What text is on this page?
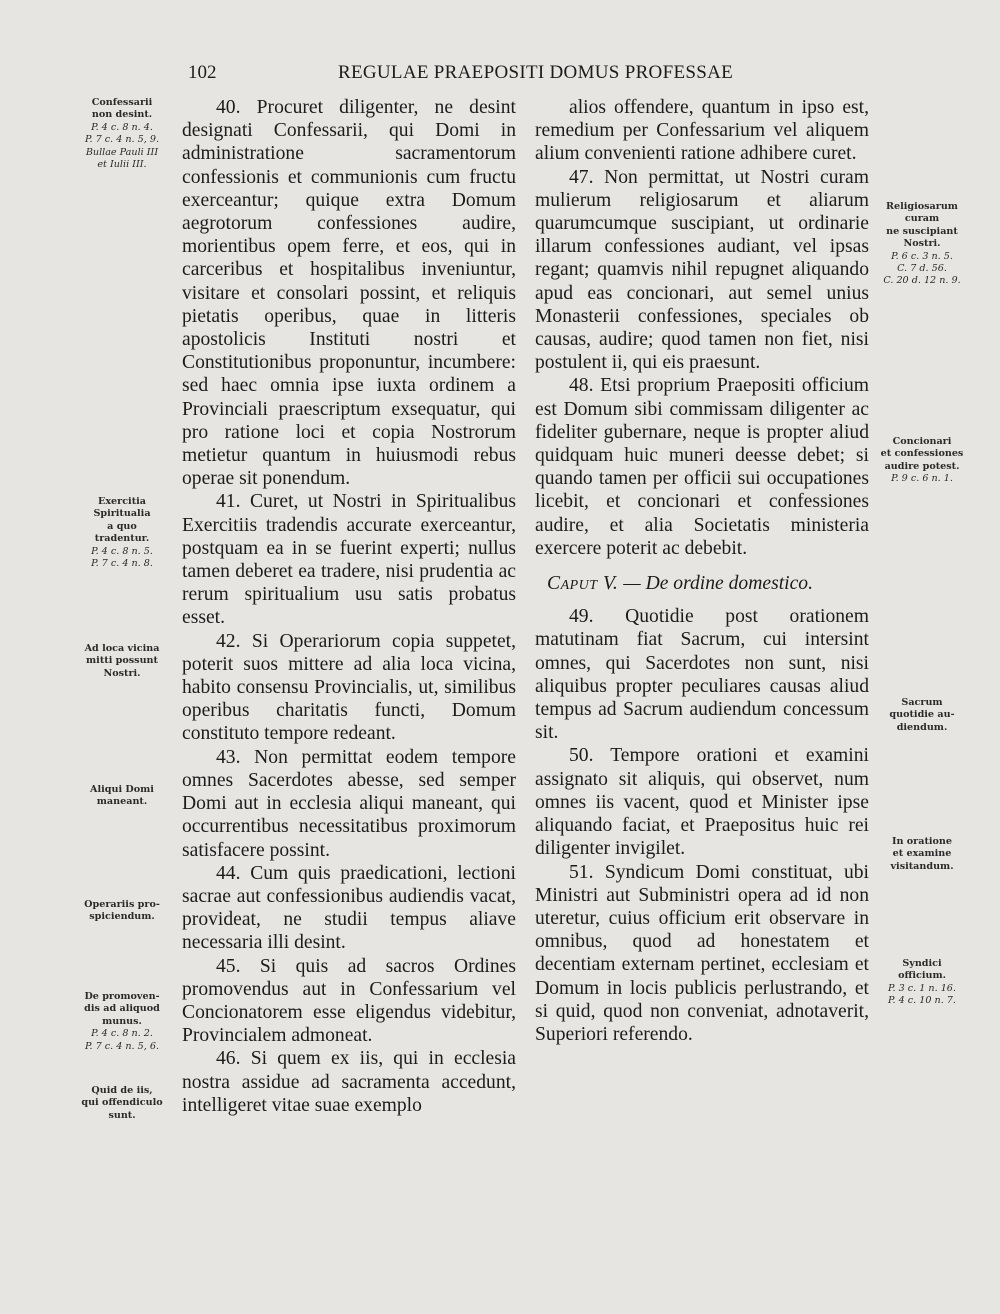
102	REGULAE PRAEPOSITI DOMUS PROFESSAE

40. Procuret diligenter, ne desint designati Confessarii, qui Domi in administratione sacramentorum confessionis et communionis cum fructu exerceantur; quique extra Domum aegrotorum confessiones audire, morientibus opem ferre, et eos, qui in carceribus et hospitalibus inveniuntur, visitare et consolari possint, et reliquis pietatis operibus, quae in litteris apostolicis Instituti nostri et Constitutionibus proponuntur, incumbere: sed haec omnia ipse iuxta ordinem a Provinciali praescriptum exsequatur, qui pro ratione loci et copia Nostrorum metietur quantum in huiusmodi rebus operae sit ponendum.

41. Curet, ut Nostri in Spiritualibus Exercitiis tradendis accurate exerceantur, postquam ea in se fuerint experti; nullus tamen deberet ea tradere, nisi prudentia ac rerum spiritualium usu satis probatus esset.

42. Si Operariorum copia suppetet, poterit suos mittere ad alia loca vicina, habito consensu Provincialis, ut, similibus operibus charitatis functi, Domum constituto tempore redeant.

43. Non permittat eodem tempore omnes Sacerdotes abesse, sed semper Domi aut in ecclesia aliqui maneant, qui occurrentibus necessitatibus proximorum satisfacere possint.

44. Cum quis praedicationi, lectioni sacrae aut confessionibus audiendis vacat, provideat, ne studii tempus aliave necessaria illi desint.

45. Si quis ad sacros Ordines promovendus aut in Confessarium vel Concionatorem esse eligendus videbitur, Provincialem admoneat.

46. Si quem ex iis, qui in ecclesia nostra assidue ad sacramenta accedunt, intelligeret vitae suae exemplo

alios offendere, quantum in ipso est, remedium per Confessarium vel aliquem alium convenienti ratione adhibere curet.

47. Non permittat, ut Nostri curam mulierum religiosarum et aliarum quarumcumque suscipiant, ut ordinarie illarum confessiones audiant, vel ipsas regant; quamvis nihil repugnet aliquando apud eas concionari, aut semel unius Monasterii confessiones, speciales ob causas, audire; quod tamen non fiet, nisi postulent ii, qui eis praesunt.

48. Etsi proprium Praepositi officium est Domum sibi commissam diligenter ac fideliter gubernare, neque is propter aliud quidquam huic muneri deesse debet; si quando tamen per officii sui occupationes licebit, et concionari et confessiones audire, et alia Societatis ministeria exercere poterit ac debebit.

Caput V. — De ordine domestico.

49. Quotidie post orationem matutinam fiat Sacrum, cui intersint omnes, qui Sacerdotes non sunt, nisi aliquibus propter peculiares causas aliud tempus ad Sacrum audiendum concessum sit.

50. Tempore orationi et examini assignato sit aliquis, qui observet, num omnes iis vacent, quod et Minister ipse aliquando faciat, et Praepositus huic rei diligenter invigilet.

51. Syndicum Domi constituat, ubi Ministri aut Subministri opera ad id non uteretur, cuius officium erit observare in omnibus, quod ad honestatem et decentiam externam pertinet, ecclesiam et Domum in locis publicis perlustrando, et si quid, quod non conveniat, adnotaverit, Superiori referendo.

Confessarii
non desint.
P. 4 c. 8 n. 4.
P. 7 c. 4 n. 5, 9.
Bullae Pauli III
et Iulii III.
Exercitia
Spiritualia
a quo
tradentur.
P. 4 c. 8 n. 5.
P. 7 c. 4 n. 8.
Ad loca vicina
mitti possunt
Nostri.
Aliqui Domi
maneant.
Operariis pro-
spiciendum.
De promoven-
dis ad aliquod
munus.
P. 4 c. 8 n. 2.
P. 7 c. 4 n. 5, 6.
Quid de iis,
qui offendiculo
sunt.
Religiosarum
curam
ne suscipiant
Nostri.
P. 6 c. 3 n. 5.
C. 7 d. 56.
C. 20 d. 12 n. 9.
Concionari
et confessiones
audire potest.
P. 9 c. 6 n. 1.
Sacrum
quotidie au-
diendum.
In oratione
et examine
visitandum.
Syndici
officium.
P. 3 c. 1 n. 16.
P. 4 c. 10 n. 7.
